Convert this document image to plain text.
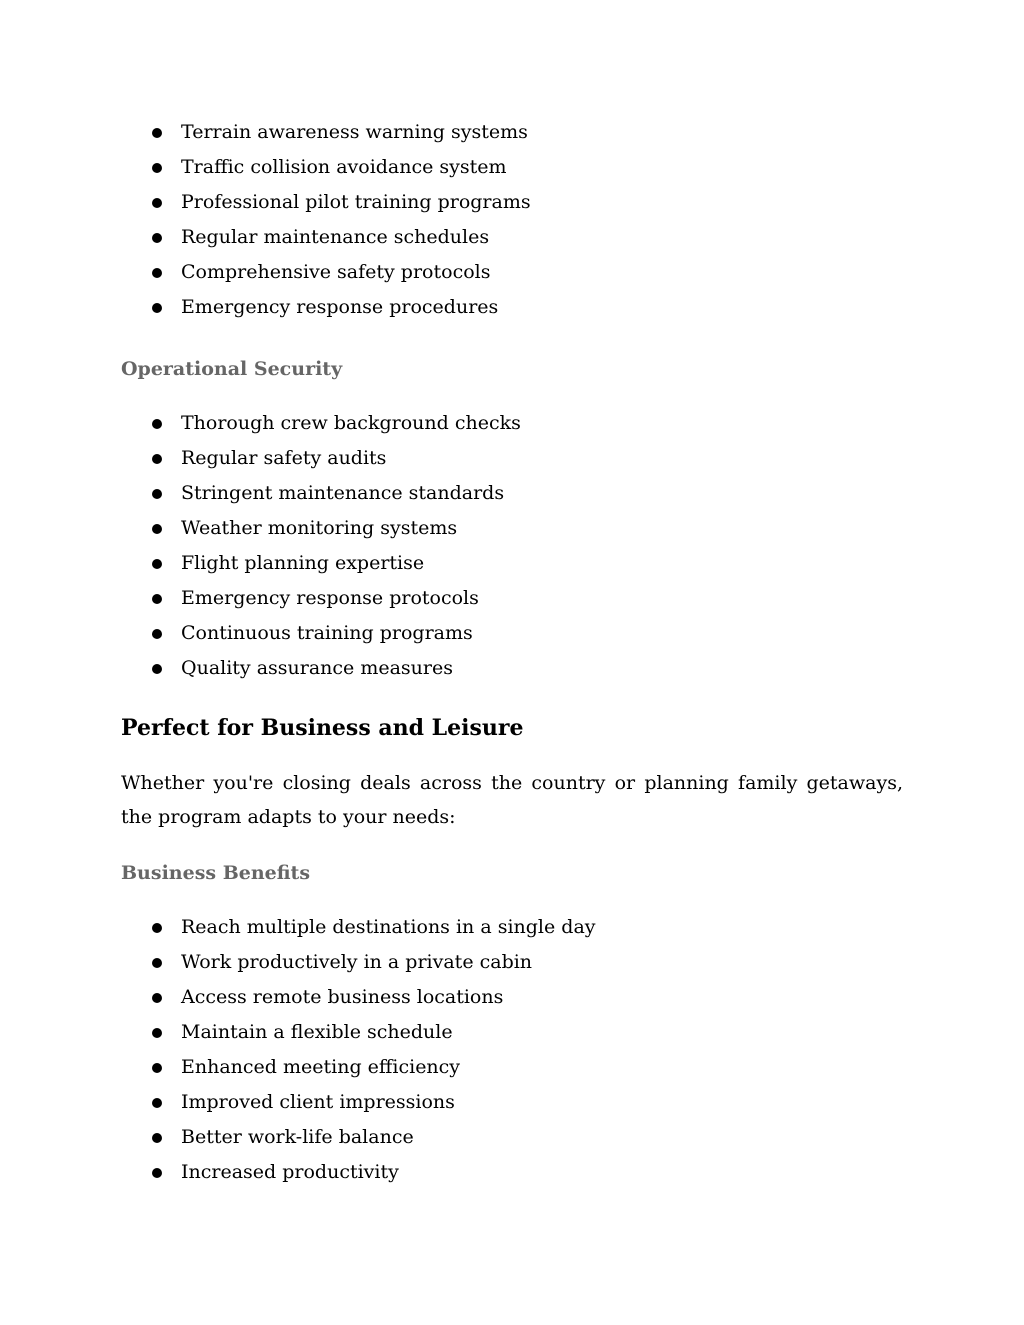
Terrain awareness warning systems
Traffic collision avoidance system
Professional pilot training programs
Regular maintenance schedules
Comprehensive safety protocols
Emergency response procedures
Operational Security
Thorough crew background checks
Regular safety audits
Stringent maintenance standards
Weather monitoring systems
Flight planning expertise
Emergency response protocols
Continuous training programs
Quality assurance measures
Perfect for Business and Leisure

Whether you're closing deals across the country or planning family getaways, the program adapts to your needs:

Business Benefits
Reach multiple destinations in a single day
Work productively in a private cabin
Access remote business locations
Maintain a flexible schedule
Enhanced meeting efficiency
Improved client impressions
Better work-life balance
Increased productivity
